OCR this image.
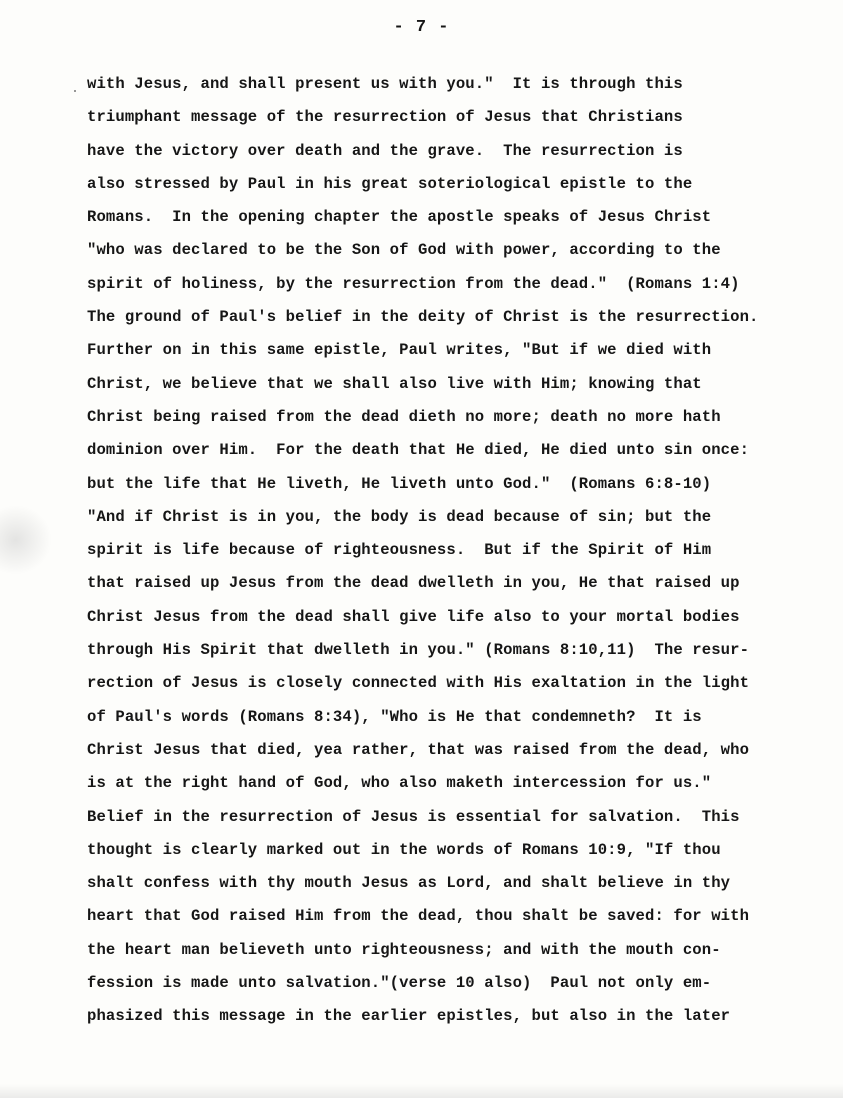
- 7 -
with Jesus, and shall present us with you."  It is through this
triumphant message of the resurrection of Jesus that Christians
have the victory over death and the grave.  The resurrection is
also stressed by Paul in his great soteriological epistle to the
Romans.  In the opening chapter the apostle speaks of Jesus Christ
"who was declared to be the Son of God with power, according to the
spirit of holiness, by the resurrection from the dead."  (Romans 1:4)
The ground of Paul's belief in the deity of Christ is the resurrection.
Further on in this same epistle, Paul writes, "But if we died with
Christ, we believe that we shall also live with Him; knowing that
Christ being raised from the dead dieth no more; death no more hath
dominion over Him.  For the death that He died, He died unto sin once:
but the life that He liveth, He liveth unto God."  (Romans 6:8-10)
"And if Christ is in you, the body is dead because of sin; but the
spirit is life because of righteousness.  But if the Spirit of Him
that raised up Jesus from the dead dwelleth in you, He that raised up
Christ Jesus from the dead shall give life also to your mortal bodies
through His Spirit that dwelleth in you." (Romans 8:10,11)  The resur-
rection of Jesus is closely connected with His exaltation in the light
of Paul's words (Romans 8:34), "Who is He that condemneth?  It is
Christ Jesus that died, yea rather, that was raised from the dead, who
is at the right hand of God, who also maketh intercession for us."
Belief in the resurrection of Jesus is essential for salvation.  This
thought is clearly marked out in the words of Romans 10:9, "If thou
shalt confess with thy mouth Jesus as Lord, and shalt believe in thy
heart that God raised Him from the dead, thou shalt be saved: for with
the heart man believeth unto righteousness; and with the mouth con-
fession is made unto salvation."(verse 10 also)  Paul not only em-
phasized this message in the earlier epistles, but also in the later
